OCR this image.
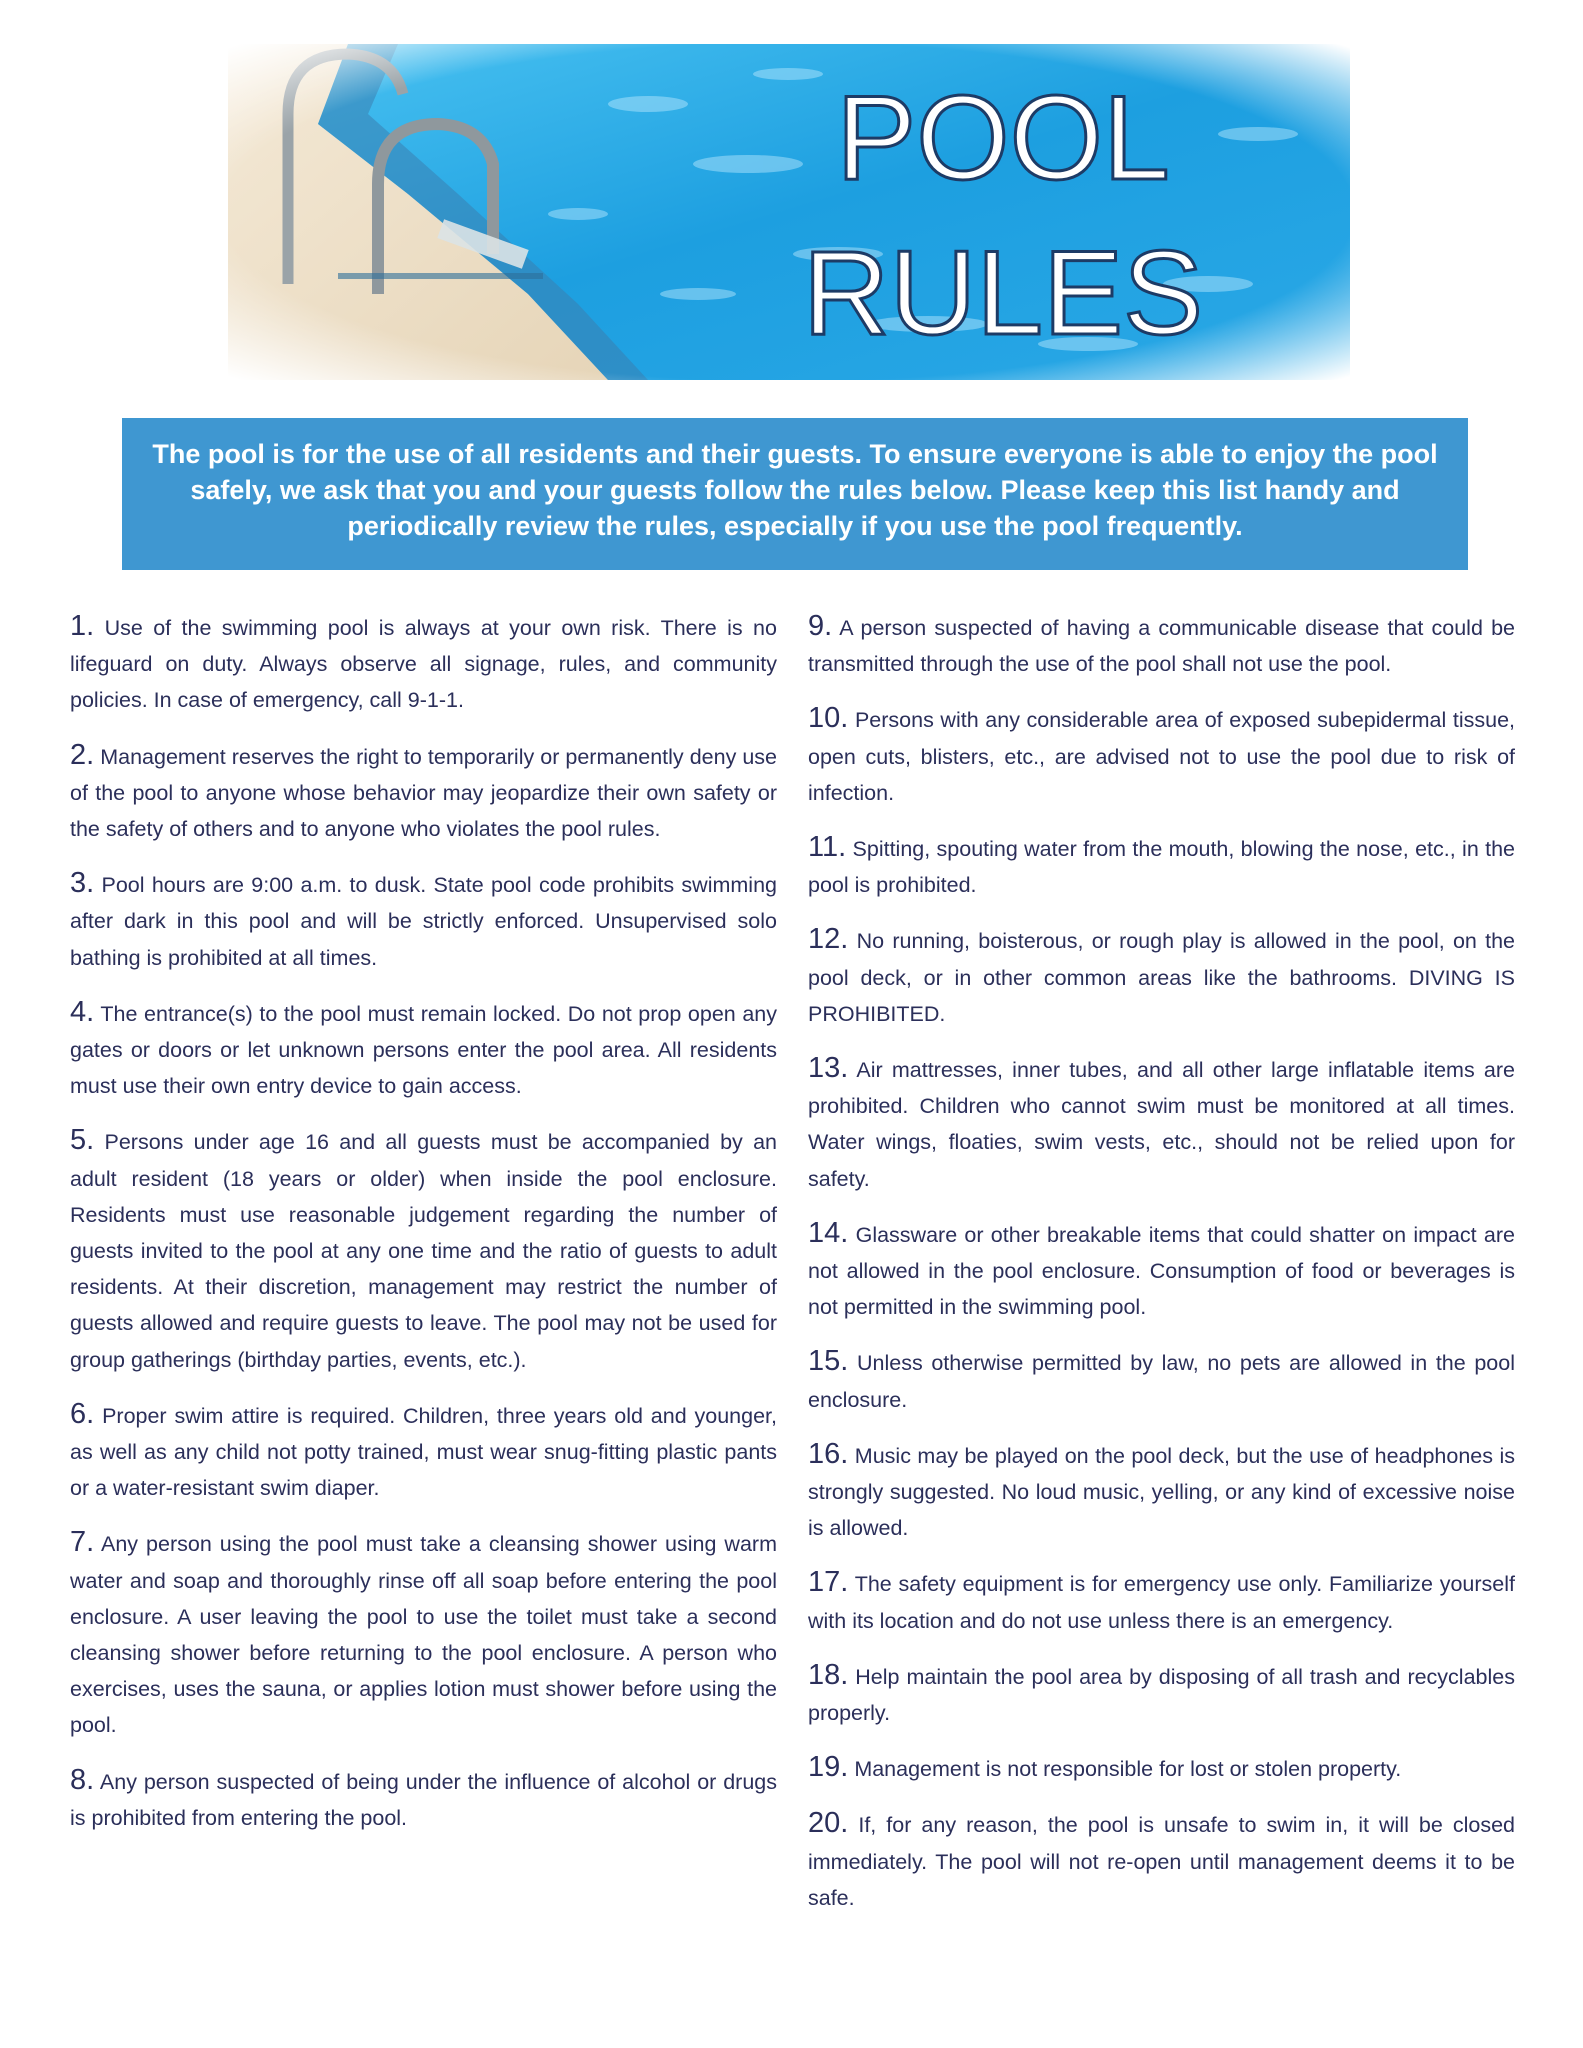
POOL
RULES
The pool is for the use of all residents and their guests. To ensure everyone is able to enjoy the pool safely, we ask that you and your guests follow the rules below. Please keep this list handy and periodically review the rules, especially if you use the pool frequently.
1. Use of the swimming pool is always at your own risk. There is no lifeguard on duty. Always observe all signage, rules, and community policies. In case of emergency, call 9-1-1.
2. Management reserves the right to temporarily or permanently deny use of the pool to anyone whose behavior may jeopardize their own safety or the safety of others and to anyone who violates the pool rules.
3. Pool hours are 9:00 a.m. to dusk. State pool code prohibits swimming after dark in this pool and will be strictly enforced. Unsupervised solo bathing is prohibited at all times.
4. The entrance(s) to the pool must remain locked. Do not prop open any gates or doors or let unknown persons enter the pool area. All residents must use their own entry device to gain access.
5. Persons under age 16 and all guests must be accompanied by an adult resident (18 years or older) when inside the pool enclosure. Residents must use reasonable judgement regarding the number of guests invited to the pool at any one time and the ratio of guests to adult residents. At their discretion, management may restrict the number of guests allowed and require guests to leave. The pool may not be used for group gatherings (birthday parties, events, etc.).
6. Proper swim attire is required. Children, three years old and younger, as well as any child not potty trained, must wear snug-fitting plastic pants or a water-resistant swim diaper.
7. Any person using the pool must take a cleansing shower using warm water and soap and thoroughly rinse off all soap before entering the pool enclosure. A user leaving the pool to use the toilet must take a second cleansing shower before returning to the pool enclosure. A person who exercises, uses the sauna, or applies lotion must shower before using the pool.
8. Any person suspected of being under the influence of alcohol or drugs is prohibited from entering the pool.
9. A person suspected of having a communicable disease that could be transmitted through the use of the pool shall not use the pool.
10. Persons with any considerable area of exposed subepidermal tissue, open cuts, blisters, etc., are advised not to use the pool due to risk of infection.
11. Spitting, spouting water from the mouth, blowing the nose, etc., in the pool is prohibited.
12. No running, boisterous, or rough play is allowed in the pool, on the pool deck, or in other common areas like the bathrooms. DIVING IS PROHIBITED.
13. Air mattresses, inner tubes, and all other large inflatable items are prohibited. Children who cannot swim must be monitored at all times. Water wings, floaties, swim vests, etc., should not be relied upon for safety.
14. Glassware or other breakable items that could shatter on impact are not allowed in the pool enclosure. Consumption of food or beverages is not permitted in the swimming pool.
15. Unless otherwise permitted by law, no pets are allowed in the pool enclosure.
16. Music may be played on the pool deck, but the use of headphones is strongly suggested. No loud music, yelling, or any kind of excessive noise is allowed.
17. The safety equipment is for emergency use only. Familiarize yourself with its location and do not use unless there is an emergency.
18. Help maintain the pool area by disposing of all trash and recyclables properly.
19. Management is not responsible for lost or stolen property.
20. If, for any reason, the pool is unsafe to swim in, it will be closed immediately. The pool will not re-open until management deems it to be safe.
